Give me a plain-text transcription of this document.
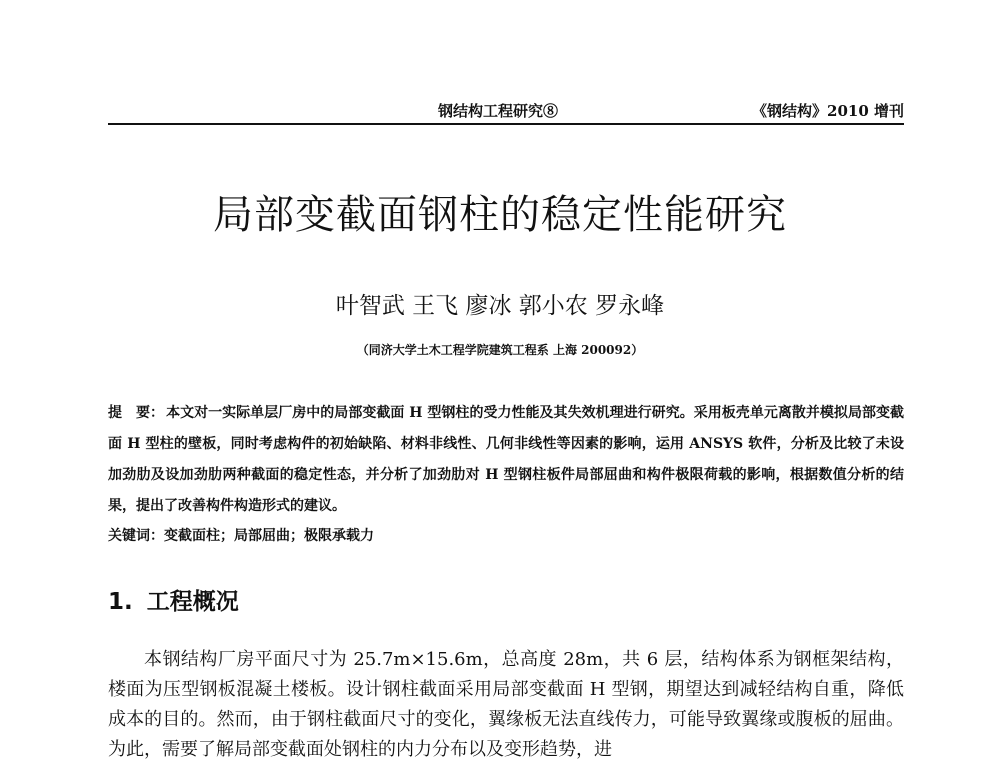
钢结构工程研究⑧	《钢结构》2010 增刊
局部变截面钢柱的稳定性能研究
叶智武 王飞 廖冰 郭小农 罗永峰
（同济大学土木工程学院建筑工程系 上海 200092）
提　要： 本文对一实际单层厂房中的局部变截面 H 型钢柱的受力性能及其失效机理进行研究。采用板壳单元离散并模拟局部变截面 H 型柱的壁板，同时考虑构件的初始缺陷、材料非线性、几何非线性等因素的影响，运用 ANSYS 软件，分析及比较了未设加劲肋及设加劲肋两种截面的稳定性态，并分析了加劲肋对 H 型钢柱板件局部屈曲和构件极限荷载的影响，根据数值分析的结果，提出了改善构件构造形式的建议。
关键词：变截面柱；局部屈曲；极限承载力
1. 工程概况
本钢结构厂房平面尺寸为 25.7m×15.6m，总高度 28m，共 6 层，结构体系为钢框架结构，楼面为压型钢板混凝土楼板。设计钢柱截面采用局部变截面 H 型钢，期望达到减轻结构自重，降低成本的目的。然而，由于钢柱截面尺寸的变化，翼缘板无法直线传力，可能导致翼缘或腹板的屈曲。为此，需要了解局部变截面处钢柱的内力分布以及变形趋势，进
